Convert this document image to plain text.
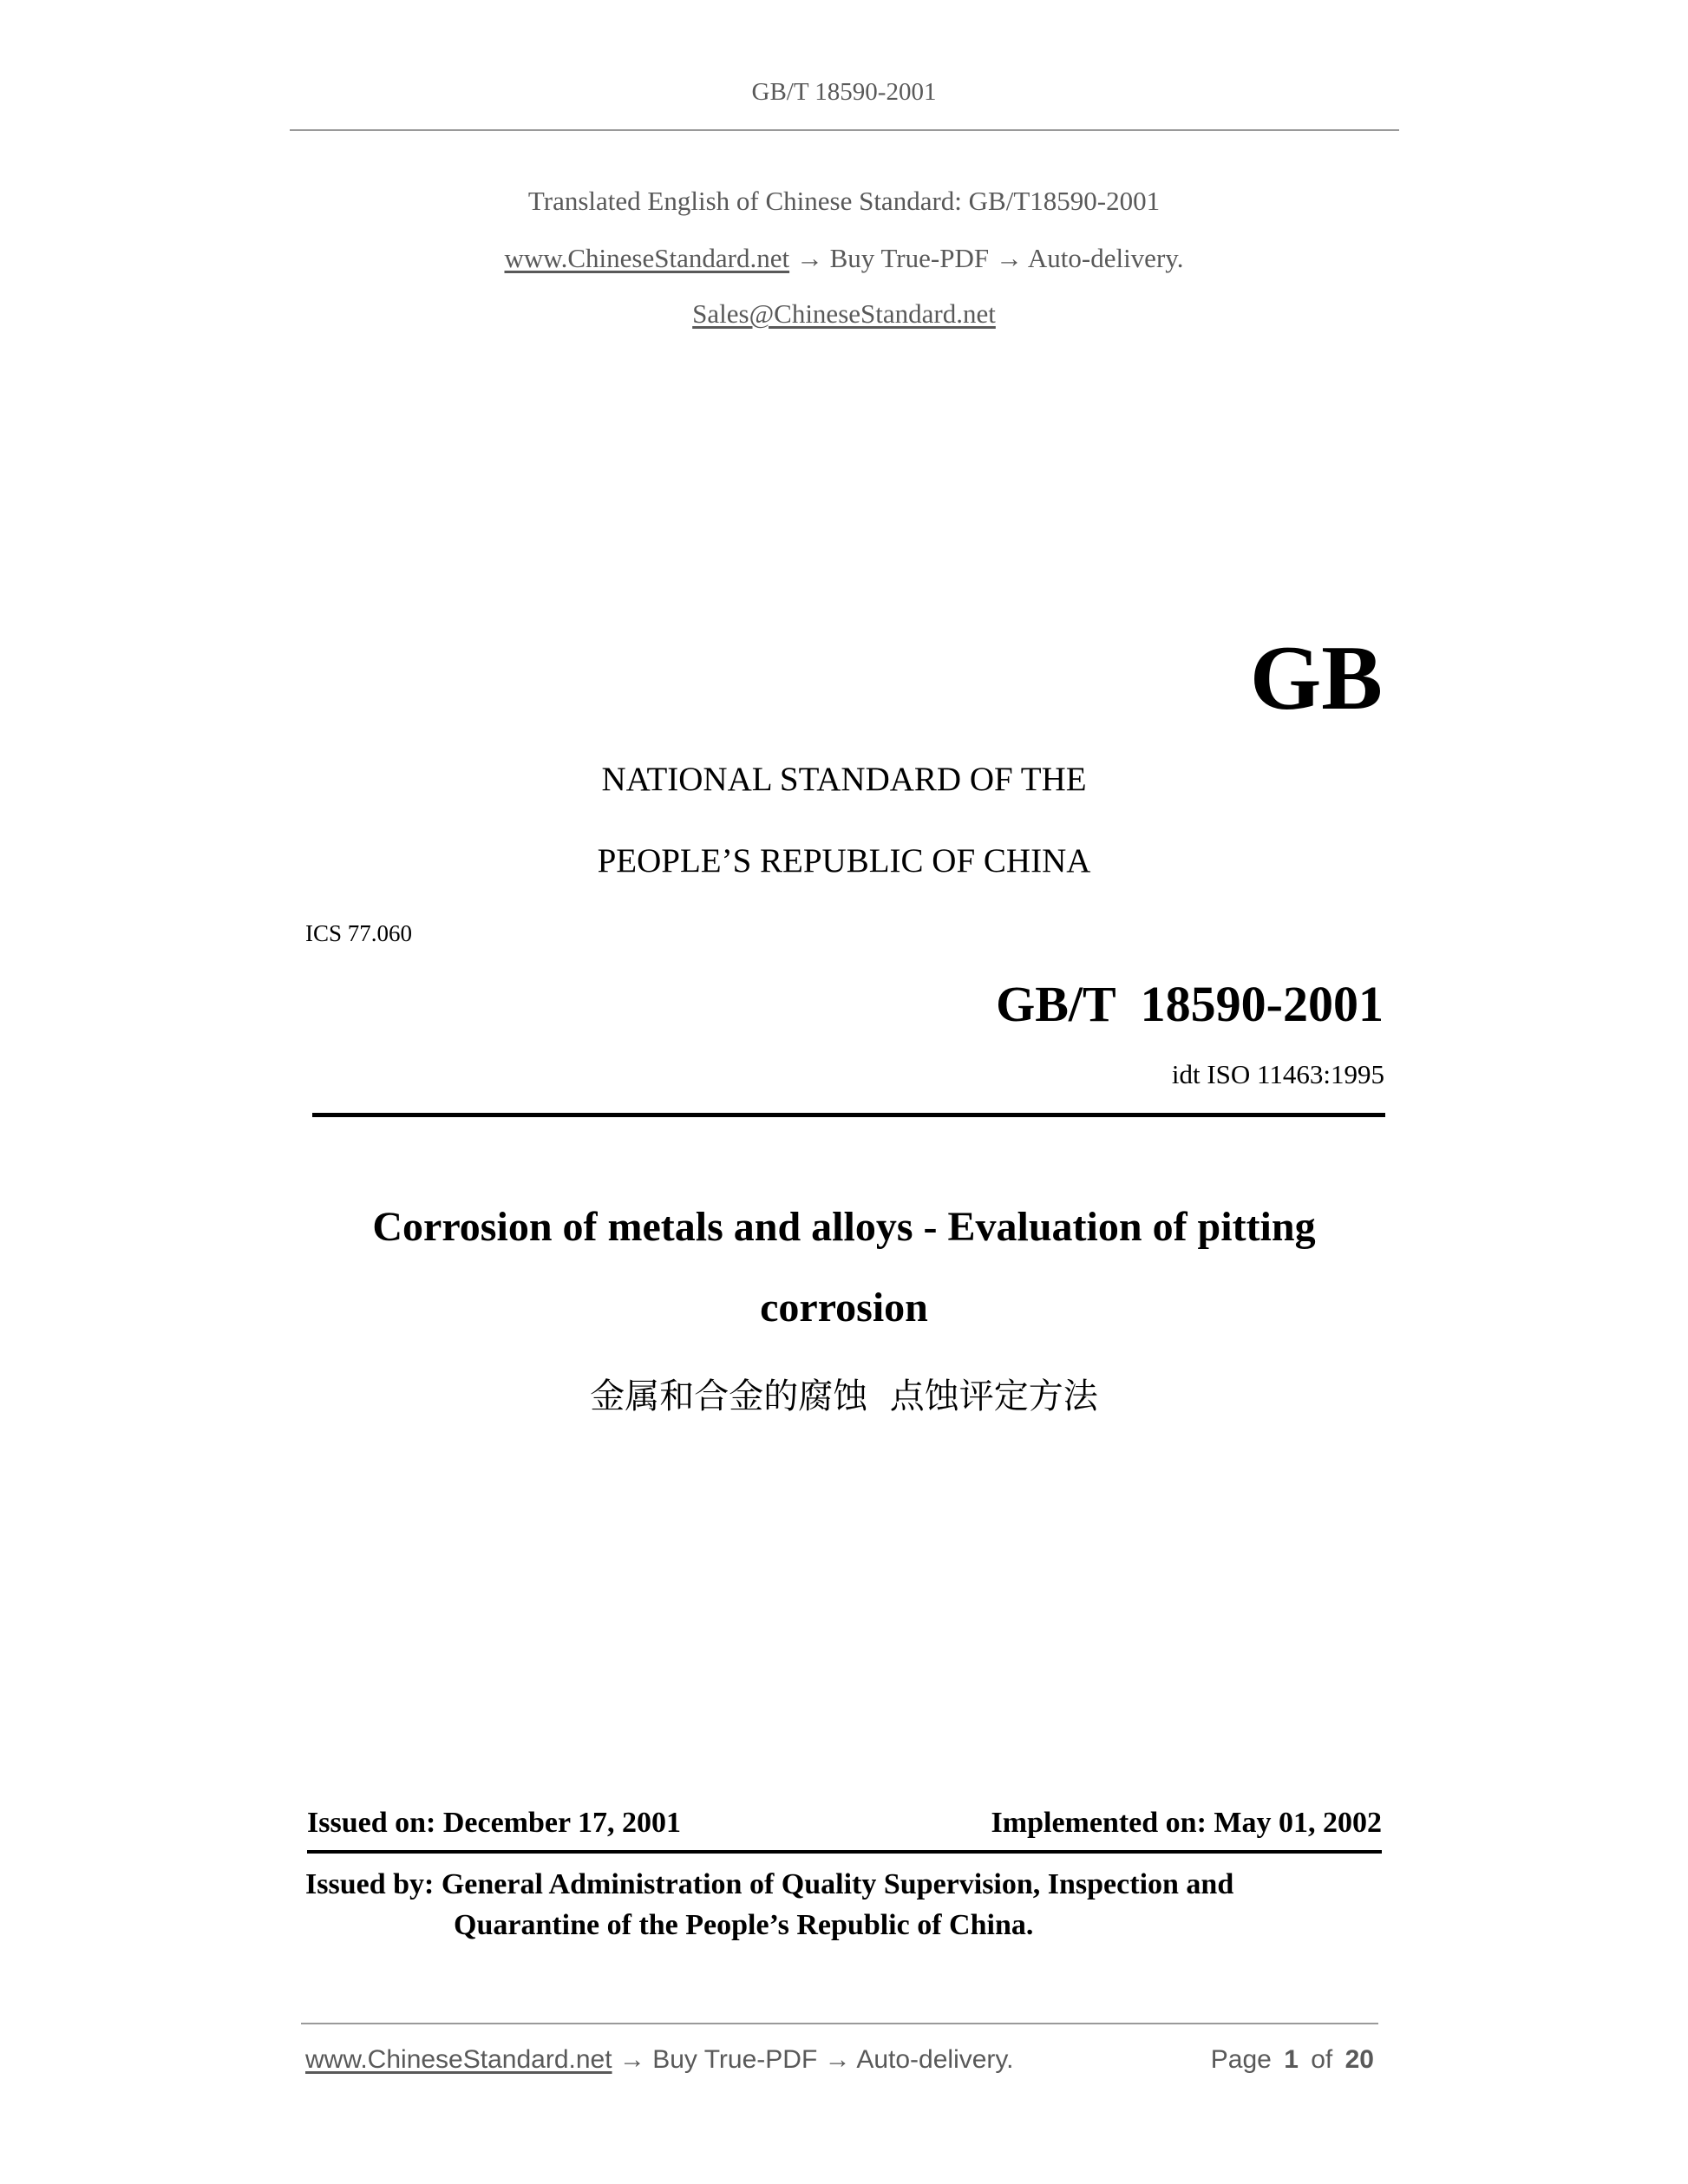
GB/T 18590-2001
Translated English of Chinese Standard: GB/T18590-2001
www.ChineseStandard.net → Buy True-PDF → Auto-delivery.
Sales@ChineseStandard.net
GB
NATIONAL STANDARD OF THE
PEOPLE’S REPUBLIC OF CHINA
ICS 77.060
GB/T  18590-2001
idt ISO 11463:1995
Corrosion of metals and alloys - Evaluation of pitting
corrosion
金属和合金的腐蚀  点蚀评定方法
Issued on: December 17, 2001	Implemented on: May 01, 2002
Issued by: General Administration of Quality Supervision, Inspection and
Quarantine of the People’s Republic of China.
www.ChineseStandard.net → Buy True-PDF → Auto-delivery.	Page 1 of 20
